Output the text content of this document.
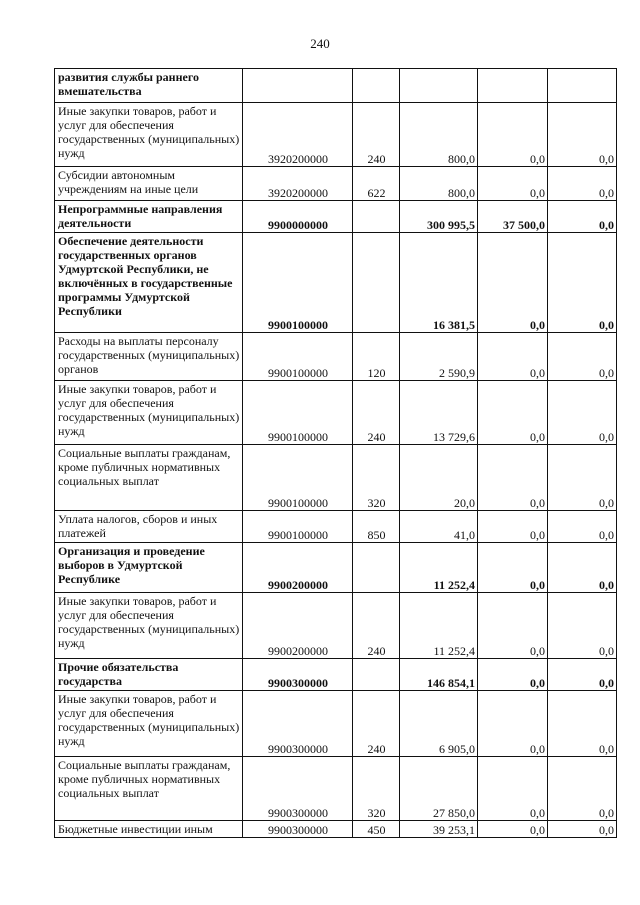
240
развития службы раннего вмешательства					
Иные закупки товаров, работ и услуг для обеспечения государственных (муниципальных) нужд	3920200000	240	800,0	0,0	0,0
Субсидии автономным учреждениям на иные цели	3920200000	622	800,0	0,0	0,0
Непрограммные направления деятельности	9900000000		300 995,5	37 500,0	0,0
Обеспечение деятельности государственных органов Удмуртской Республики, не включённых в государственные программы Удмуртской Республики	9900100000		16 381,5	0,0	0,0
Расходы на выплаты персоналу государственных (муниципальных) органов	9900100000	120	2 590,9	0,0	0,0
Иные закупки товаров, работ и услуг для обеспечения государственных (муниципальных) нужд	9900100000	240	13 729,6	0,0	0,0
Социальные выплаты гражданам, кроме публичных нормативных социальных выплат	9900100000	320	20,0	0,0	0,0
Уплата налогов, сборов и иных платежей	9900100000	850	41,0	0,0	0,0
Организация и проведение выборов в Удмуртской Республике	9900200000		11 252,4	0,0	0,0
Иные закупки товаров, работ и услуг для обеспечения государственных (муниципальных) нужд	9900200000	240	11 252,4	0,0	0,0
Прочие обязательства государства	9900300000		146 854,1	0,0	0,0
Иные закупки товаров, работ и услуг для обеспечения государственных (муниципальных) нужд	9900300000	240	6 905,0	0,0	0,0
Социальные выплаты гражданам, кроме публичных нормативных социальных выплат	9900300000	320	27 850,0	0,0	0,0
Бюджетные инвестиции иным	9900300000	450	39 253,1	0,0	0,0
